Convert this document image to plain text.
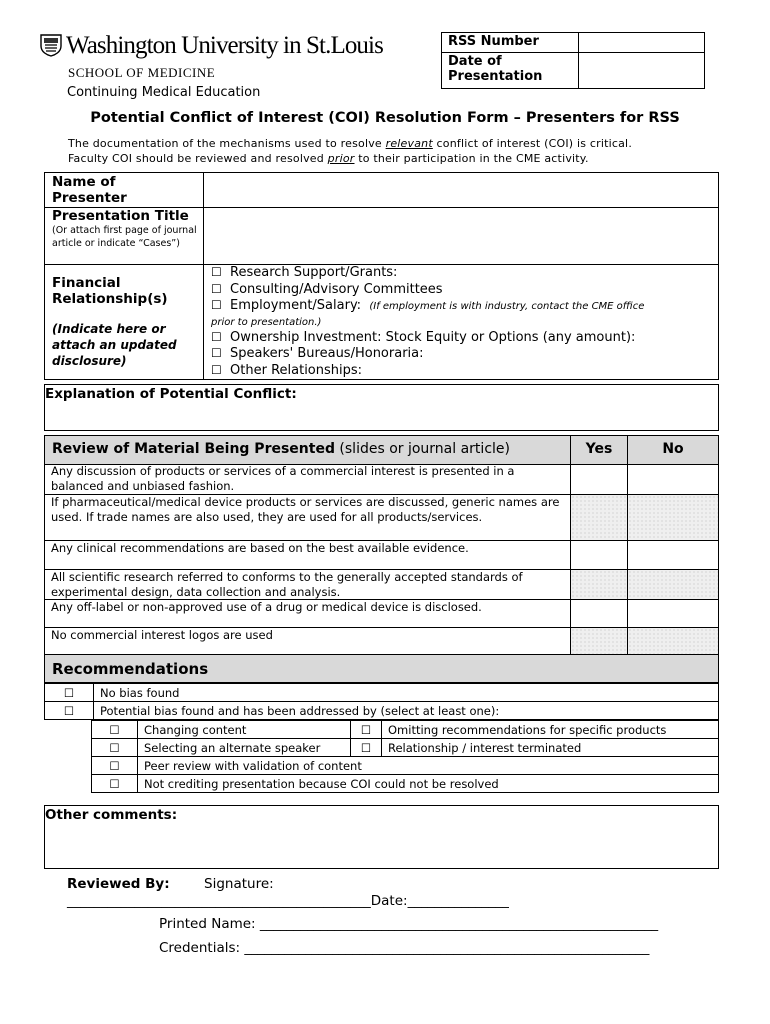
Washington University in St.Louis
SCHOOL OF MEDICINE
Continuing Medical Education
RSS Number	
Date of Presentation	
Potential Conflict of Interest (COI) Resolution Form – Presenters for RSS
The documentation of the mechanisms used to resolve relevant conflict of interest (COI) is critical.
Faculty COI should be reviewed and resolved prior to their participation in the CME activity.
Name of Presenter
Presentation Title
(Or attach first page of journal article or indicate “Cases”)
Financial Relationship(s)
(Indicate here or attach an updated disclosure)
☐ Research Support/Grants:
☐ Consulting/Advisory Committees
☐ Employment/Salary: (If employment is with industry, contact the CME office
prior to presentation.)
☐ Ownership Investment: Stock Equity or Options (any amount):
☐ Speakers' Bureaus/Honoraria:
☐ Other Relationships:
Explanation of Potential Conflict:
Review of Material Being Presented (slides or journal article)	Yes	No
Any discussion of products or services of a commercial interest is presented in a balanced and unbiased fashion.
If pharmaceutical/medical device products or services are discussed, generic names are used. If trade names are also used, they are used for all products/services.
Any clinical recommendations are based on the best available evidence.
All scientific research referred to conforms to the generally accepted standards of experimental design, data collection and analysis.
Any off-label or non-approved use of a drug or medical device is disclosed.
No commercial interest logos are used
Recommendations
☐	No bias found
☐	Potential bias found and has been addressed by (select at least one):
☐	Changing content	☐	Omitting recommendations for specific products
☐	Selecting an alternate speaker	☐	Relationship / interest terminated
☐	Peer review with validation of content		
☐	Not crediting presentation because COI could not be resolved		
Other comments:
Reviewed By:	Signature:
_____________________________________________Date:_______________
Printed Name: ___________________________________________________________
Credentials: ____________________________________________________________
